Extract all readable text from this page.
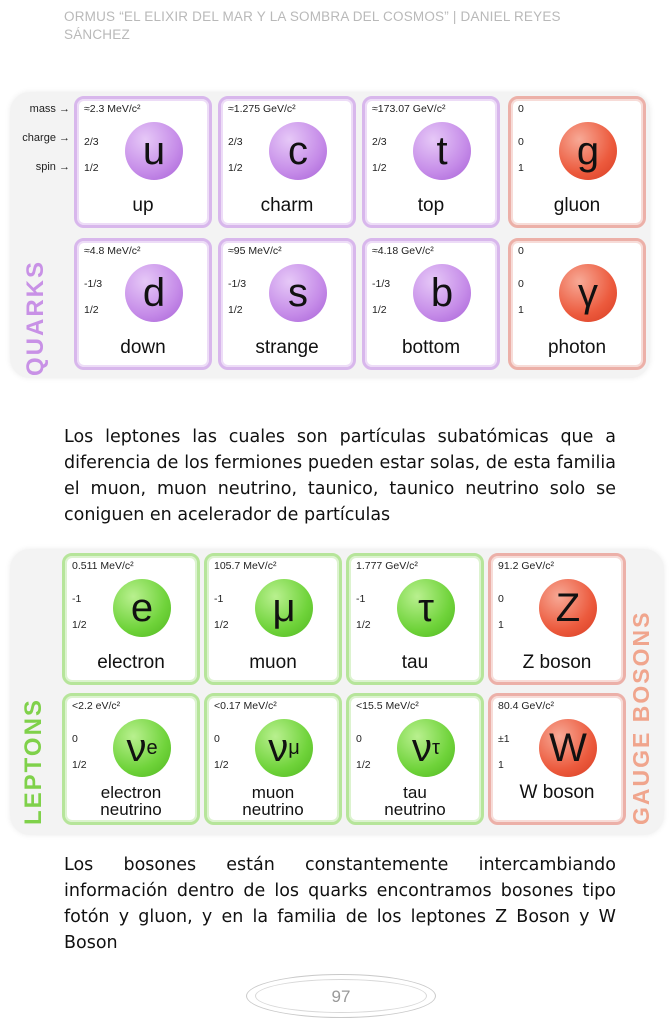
ORMUS “EL ELIXIR DEL MAR Y LA SOMBRA DEL COSMOS” | DANIEL REYES SÁNCHEZ
mass →
charge →
spin →
QUARKS
≈2.3 MeV/c²
2/3
1/2	u
up
≈1.275 GeV/c²
2/3
1/2	c
charm
≈173.07 GeV/c²
2/3
1/2	t
top
0
0
1	g
gluon
≈4.8 MeV/c²
-1/3
1/2	d
down
≈95 MeV/c²
-1/3
1/2	s
strange
≈4.18 GeV/c²
-1/3
1/2	b
bottom
0
0
1	γ
photon
Los leptones las cuales son partículas subatómicas que a diferencia de los fermiones pueden estar solas, de esta familia el muon, muon neutrino, taunico, taunico neutrino solo se coniguen en acelerador de partículas
LEPTONS	GAUGE BOSONS
0.511 MeV/c²
-1
1/2	e
electron
105.7 MeV/c²
-1
1/2	μ
muon
1.777 GeV/c²
-1
1/2	τ
tau
91.2 GeV/c²
0
1	Z
Z boson
<2.2 eV/c²
0
1/2 ν e
electron
neutrino
<0.17 MeV/c²
0
1/2 ν μ
muon
neutrino
<15.5 MeV/c²
0
1/2 ν τ
tau
neutrino
80.4 GeV/c²
±1
1 W
W boson
Los bosones están constantemente intercambiando información dentro de los quarks encontramos bosones tipo fotón y gluon, y en la familia de los leptones Z Boson y W Boson
97
